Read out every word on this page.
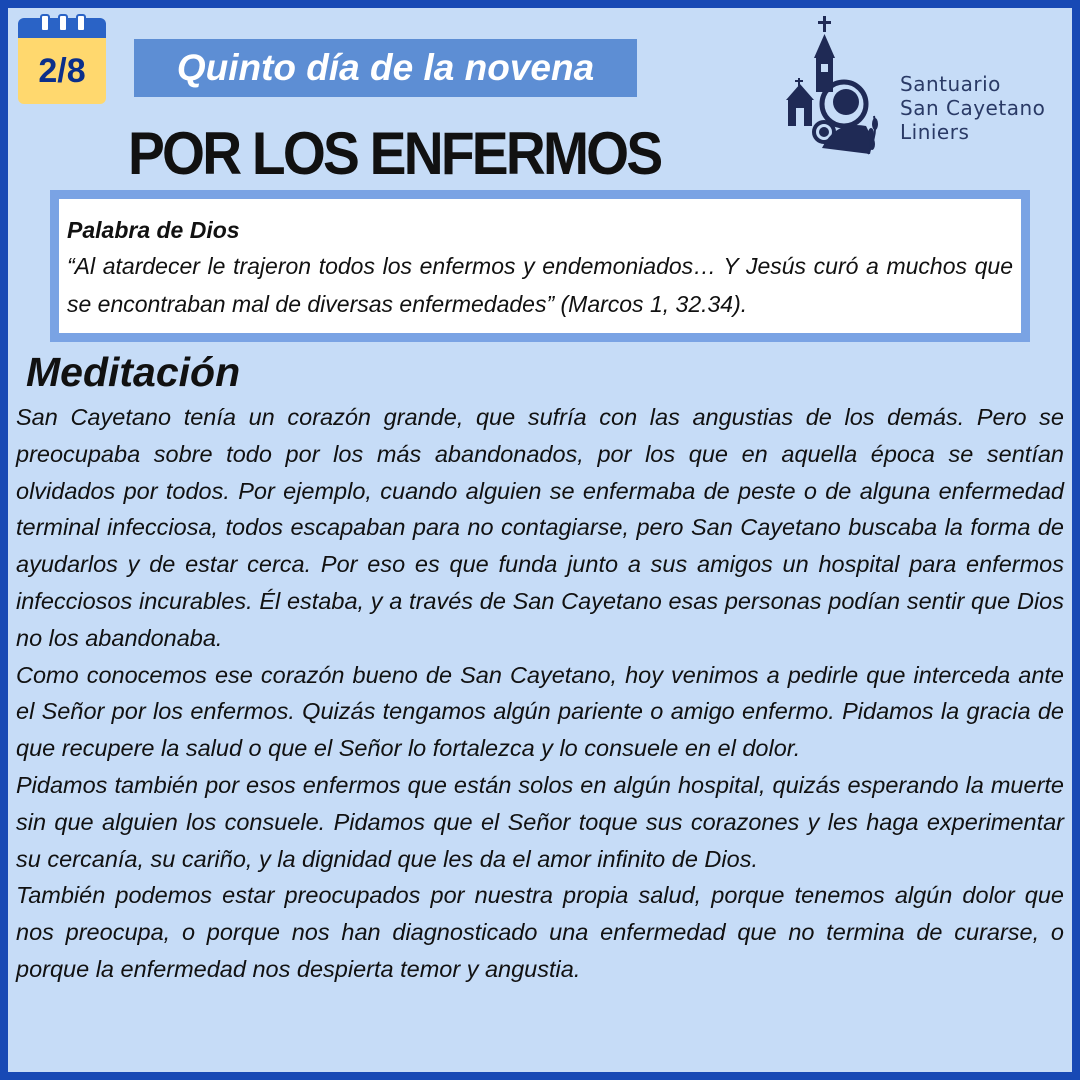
2/8	Quinto día de la novena
POR LOS ENFERMOS
Santuario
San Cayetano
Liniers
Palabra de Dios
“Al atardecer le trajeron todos los enfermos y endemoniados… Y Jesús curó a muchos que se encontraban mal de diversas enfermedades” (Marcos 1, 32.34).
Meditación

San Cayetano tenía un corazón grande, que sufría con las angustias de los demás. Pero se preocupaba sobre todo por los más abandonados, por los que en aquella época se sentían olvidados por todos. Por ejemplo, cuando alguien se enfermaba de peste o de alguna enfermedad terminal infecciosa, todos escapaban para no contagiarse, pero San Cayetano buscaba la forma de ayudarlos y de estar cerca. Por eso es que funda junto a sus amigos un hospital para enfermos infecciosos incurables. Él estaba, y a través de San Cayetano esas personas podían sentir que Dios no los abandonaba.

Como conocemos ese corazón bueno de San Cayetano, hoy venimos a pedirle que interceda ante el Señor por los enfermos. Quizás tengamos algún pariente o amigo enfermo. Pidamos la gracia de que recupere la salud o que el Señor lo fortalezca y lo consuele en el dolor.

Pidamos también por esos enfermos que están solos en algún hospital, quizás esperando la muerte sin que alguien los consuele. Pidamos que el Señor toque sus corazones y les haga experimentar su cercanía, su cariño, y la dignidad que les da el amor infinito de Dios.

También podemos estar preocupados por nuestra propia salud, porque tenemos algún dolor que nos preocupa, o porque nos han diagnosticado una enfermedad que no termina de curarse, o porque la enfermedad nos despierta temor y angustia.
